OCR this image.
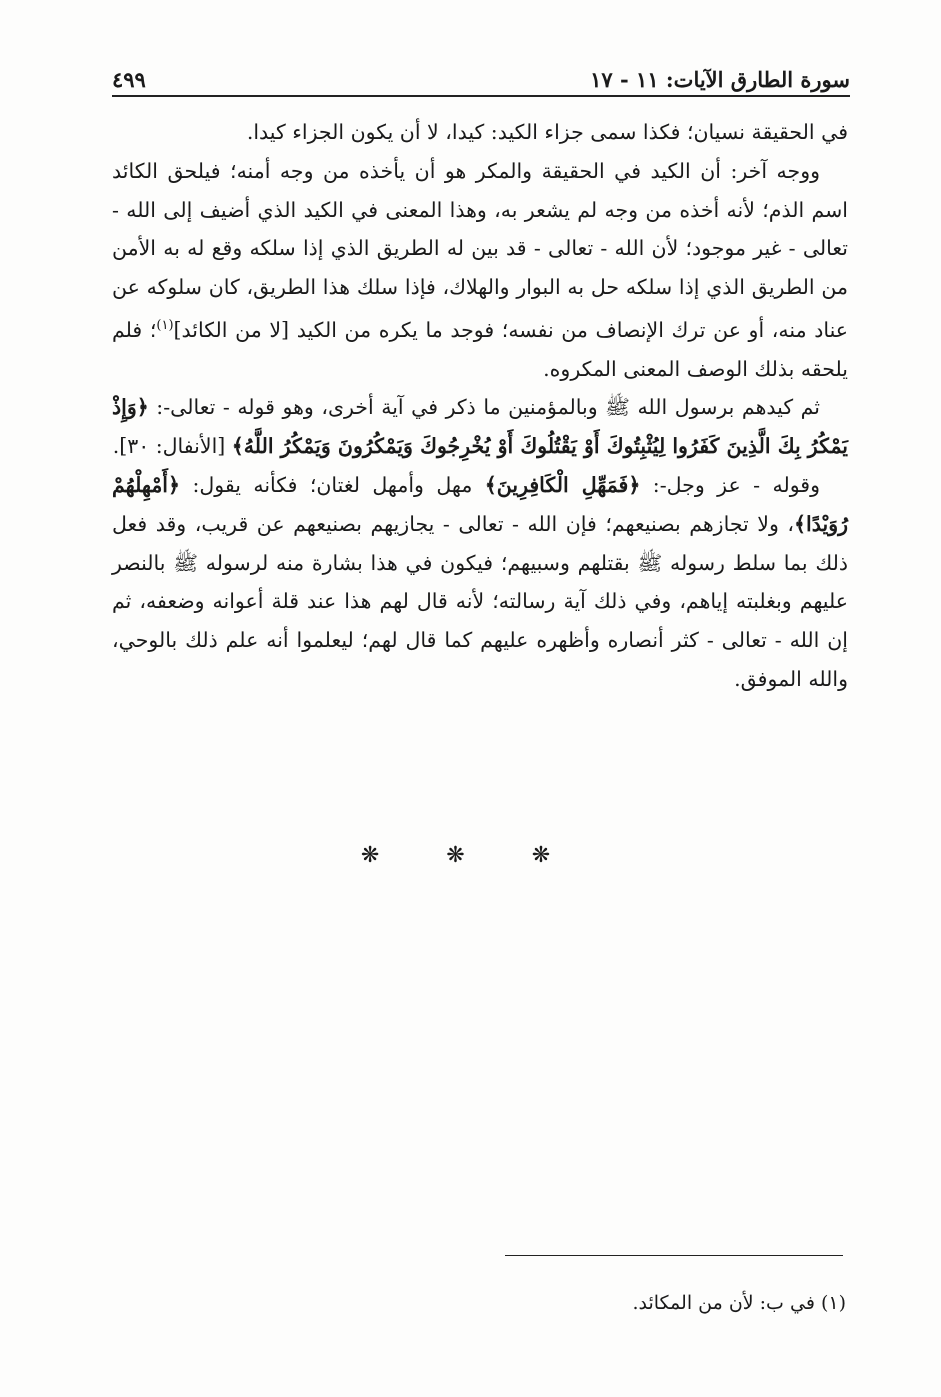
سورة الطارق الآيات: ١١ - ١٧
٤٩٩

في الحقيقة نسيان؛ فكذا سمى جزاء الكيد: كيدا، لا أن يكون الجزاء كيدا.

ووجه آخر: أن الكيد في الحقيقة والمكر هو أن يأخذه من وجه أمنه؛ فيلحق الكائد اسم الذم؛ لأنه أخذه من وجه لم يشعر به، وهذا المعنى في الكيد الذي أضيف إلى الله - تعالى - غير موجود؛ لأن الله - تعالى - قد بين له الطريق الذي إذا سلكه وقع له به الأمن من الطريق الذي إذا سلكه حل به البوار والهلاك، فإذا سلك هذا الطريق، كان سلوكه عن عناد منه، أو عن ترك الإنصاف من نفسه؛ فوجد ما يكره من الكيد [لا من الكائد]$^{(١)}$؛ فلم يلحقه بذلك الوصف المعنى المكروه.

ثم كيدهم برسول الله ﷺ وبالمؤمنين ما ذكر في آية أخرى، وهو قوله - تعالى-: ﴿وَإِذْ يَمْكُرُ بِكَ الَّذِينَ كَفَرُوا لِيُثْبِتُوكَ أَوْ يَقْتُلُوكَ أَوْ يُخْرِجُوكَ وَيَمْكُرُونَ وَيَمْكُرُ اللَّهُ﴾ [الأنفال: ٣٠].

وقوله - عز وجل-: ﴿فَمَهِّلِ الْكَافِرِينَ﴾ مهل وأمهل لغتان؛ فكأنه يقول: ﴿أَمْهِلْهُمْ رُوَيْدًا﴾، ولا تجازهم بصنيعهم؛ فإن الله - تعالى - يجازيهم بصنيعهم عن قريب، وقد فعل ذلك بما سلط رسوله ﷺ بقتلهم وسبيهم؛ فيكون في هذا بشارة منه لرسوله ﷺ بالنصر عليهم وبغلبته إياهم، وفي ذلك آية رسالته؛ لأنه قال لهم هذا عند قلة أعوانه وضعفه، ثم إن الله - تعالى - كثر أنصاره وأظهره عليهم كما قال لهم؛ ليعلموا أنه علم ذلك بالوحي، والله الموفق.

❋ ❋ ❋
(١) في ب: لأن من المكائد.
